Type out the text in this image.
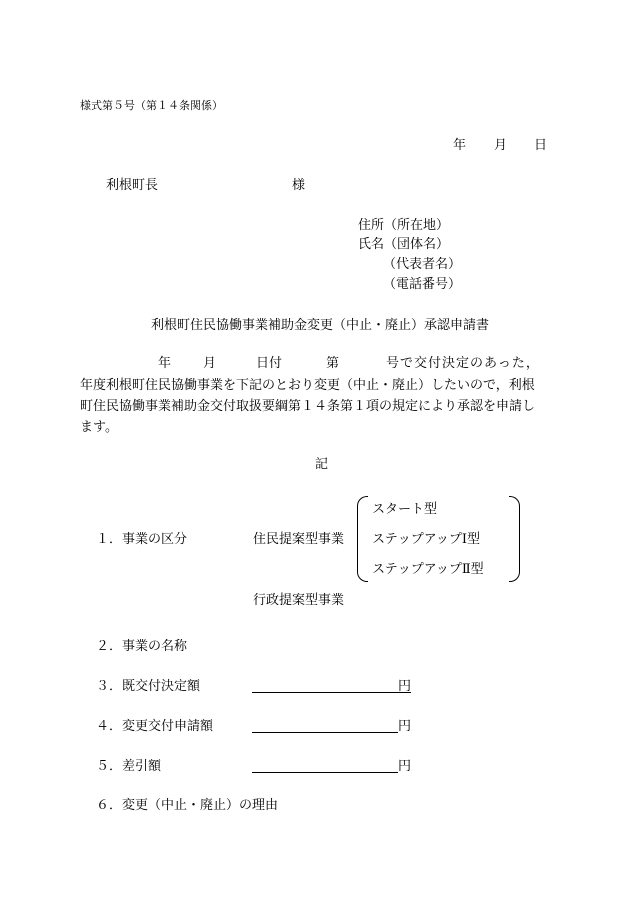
様式第５号（第１４条関係）
年 月 日
利根町長	様
住所（所在地）
氏名（団体名）
（代表者名）
（電話番号）
利根町住民協働事業補助金変更（中止・廃止）承認申請書
年 月	日付	第	号で交付決定のあった，
年度利根町住民協働事業を下記のとおり変更（中止・廃止）したいので，利根
町住民協働事業補助金交付取扱要綱第１４条第１項の規定により承認を申請し
ます。
記
１．事業の区分	住民提案型事業
スタート型
ステップアップⅠ型
ステップアップⅡ型
行政提案型事業
２．事業の名称
３．既交付決定額	円
４．変更交付申請額	円
５．差引額	円
６．変更（中止・廃止）の理由
